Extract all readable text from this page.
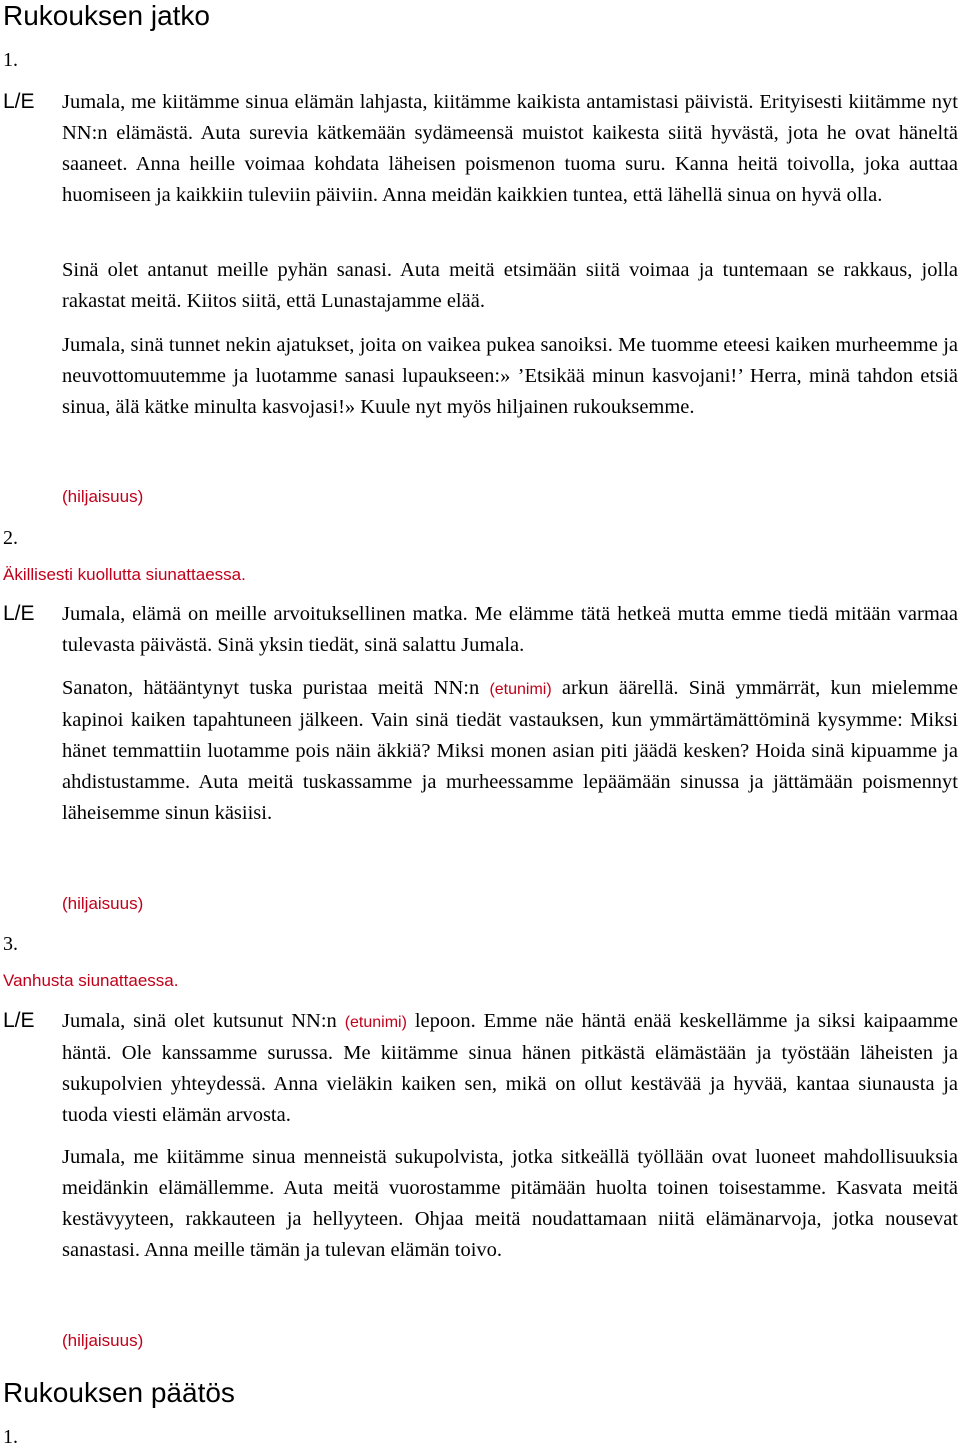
Rukouksen jatko
1.
L/E Jumala, me kiitämme sinua elämän lahjasta, kiitämme kaikista antamistasi päivistä. Erityisesti kiitämme nyt NN:n elämästä. Auta surevia kätkemään sydämeensä muistot kaikesta siitä hyvästä, jota he ovat häneltä saaneet. Anna heille voimaa kohdata läheisen poismenon tuoma suru. Kanna heitä toivolla, joka auttaa huomiseen ja kaikkiin tuleviin päiviin. Anna meidän kaikkien tuntea, että lähellä sinua on hyvä olla.

Sinä olet antanut meille pyhän sanasi. Auta meitä etsimään siitä voimaa ja tuntemaan se rakkaus, jolla rakastat meitä. Kiitos siitä, että Lunastajamme elää.

Jumala, sinä tunnet nekin ajatukset, joita on vaikea pukea sanoiksi. Me tuomme eteesi kaiken murheemme ja neuvottomuutemme ja luotamme sanasi lupaukseen:» ’Etsikää minun kasvojani!’ Herra, minä tahdon etsiä sinua, älä kätke minulta kasvojasi!» Kuule nyt myös hiljainen rukouksemme.

(hiljaisuus)
2.
Äkillisesti kuollutta siunattaessa.
L/E Jumala, elämä on meille arvoituksellinen matka. Me elämme tätä hetkeä mutta emme tiedä mitään varmaa tulevasta päivästä. Sinä yksin tiedät, sinä salattu Jumala.

Sanaton, hätääntynyt tuska puristaa meitä NN:n (etunimi) arkun äärellä. Sinä ymmärrät, kun mielemme kapinoi kaiken tapahtuneen jälkeen. Vain sinä tiedät vastauksen, kun ymmärtämättöminä kysymme: Miksi hänet temmattiin luotamme pois näin äkkiä? Miksi monen asian piti jäädä kesken? Hoida sinä kipuamme ja ahdistustamme. Auta meitä tuskassamme ja murheessamme lepäämään sinussa ja jättämään poismennyt läheisemme sinun käsiisi.

(hiljaisuus)
3.
Vanhusta siunattaessa.
L/E Jumala, sinä olet kutsunut NN:n (etunimi) lepoon. Emme näe häntä enää keskellämme ja siksi kaipaamme häntä. Ole kanssamme surussa. Me kiitämme sinua hänen pitkästä elämästään ja työstään läheisten ja sukupolvien yhteydessä. Anna vieläkin kaiken sen, mikä on ollut kestävää ja hyvää, kantaa siunausta ja tuoda viesti elämän arvosta.

Jumala, me kiitämme sinua menneistä sukupolvista, jotka sitkeällä työllään ovat luoneet mahdollisuuksia meidänkin elämällemme. Auta meitä vuorostamme pitämään huolta toinen toisestamme. Kasvata meitä kestävyyteen, rakkauteen ja hellyyteen. Ohjaa meitä noudattamaan niitä elämänarvoja, jotka nousevat sanastasi. Anna meille tämän ja tulevan elämän toivo.

(hiljaisuus)
Rukouksen päätös
1.
